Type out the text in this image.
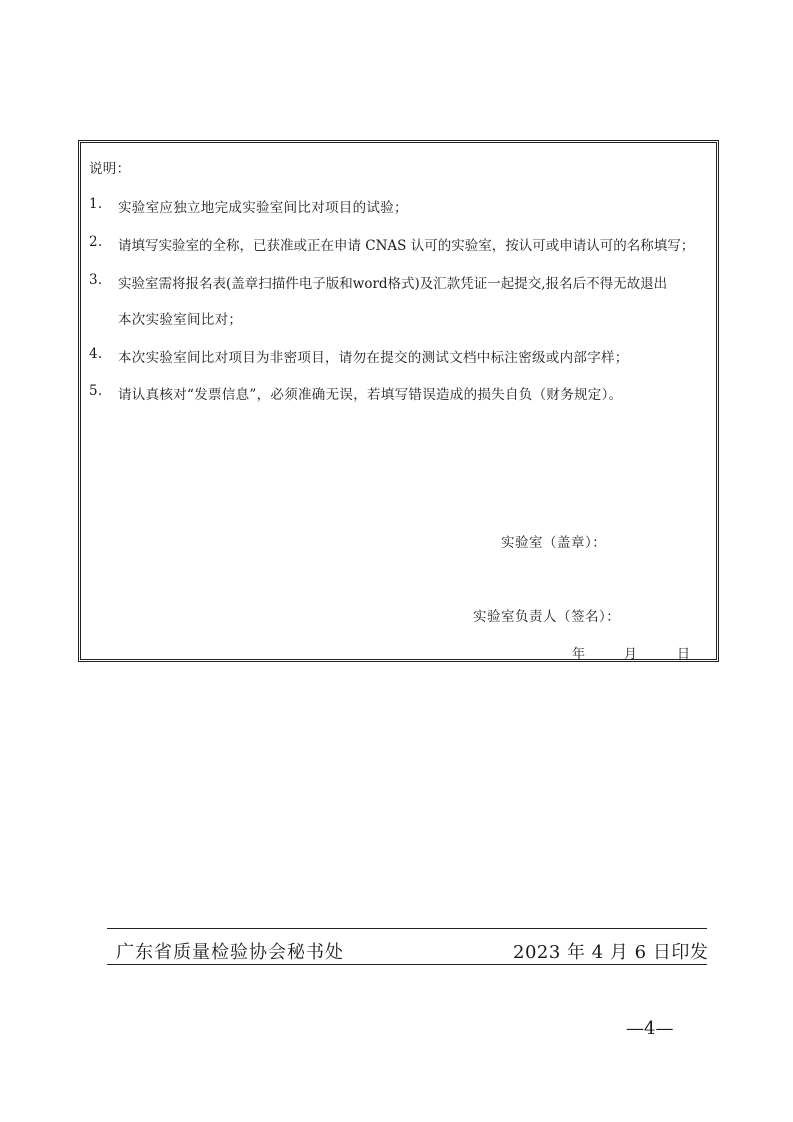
说明：
1. 实验室应独立地完成实验室间比对项目的试验；
2. 请填写实验室的全称，已获准或正在申请 CNAS 认可的实验室，按认可或申请认可的名称填写；
3. 实验室需将报名表(盖章扫描件电子版和word格式)及汇款凭证一起提交,报名后不得无故退出
本次实验室间比对；
4. 本次实验室间比对项目为非密项目，请勿在提交的测试文档中标注密级或内部字样；
5. 请认真核对“发票信息”，必须准确无误，若填写错误造成的损失自负（财务规定）。
实验室（盖章）：
实验室负责人（签名）：
年	月	日
广东省质量检验协会秘书处	2023 年 4 月 6 日印发
—4—
